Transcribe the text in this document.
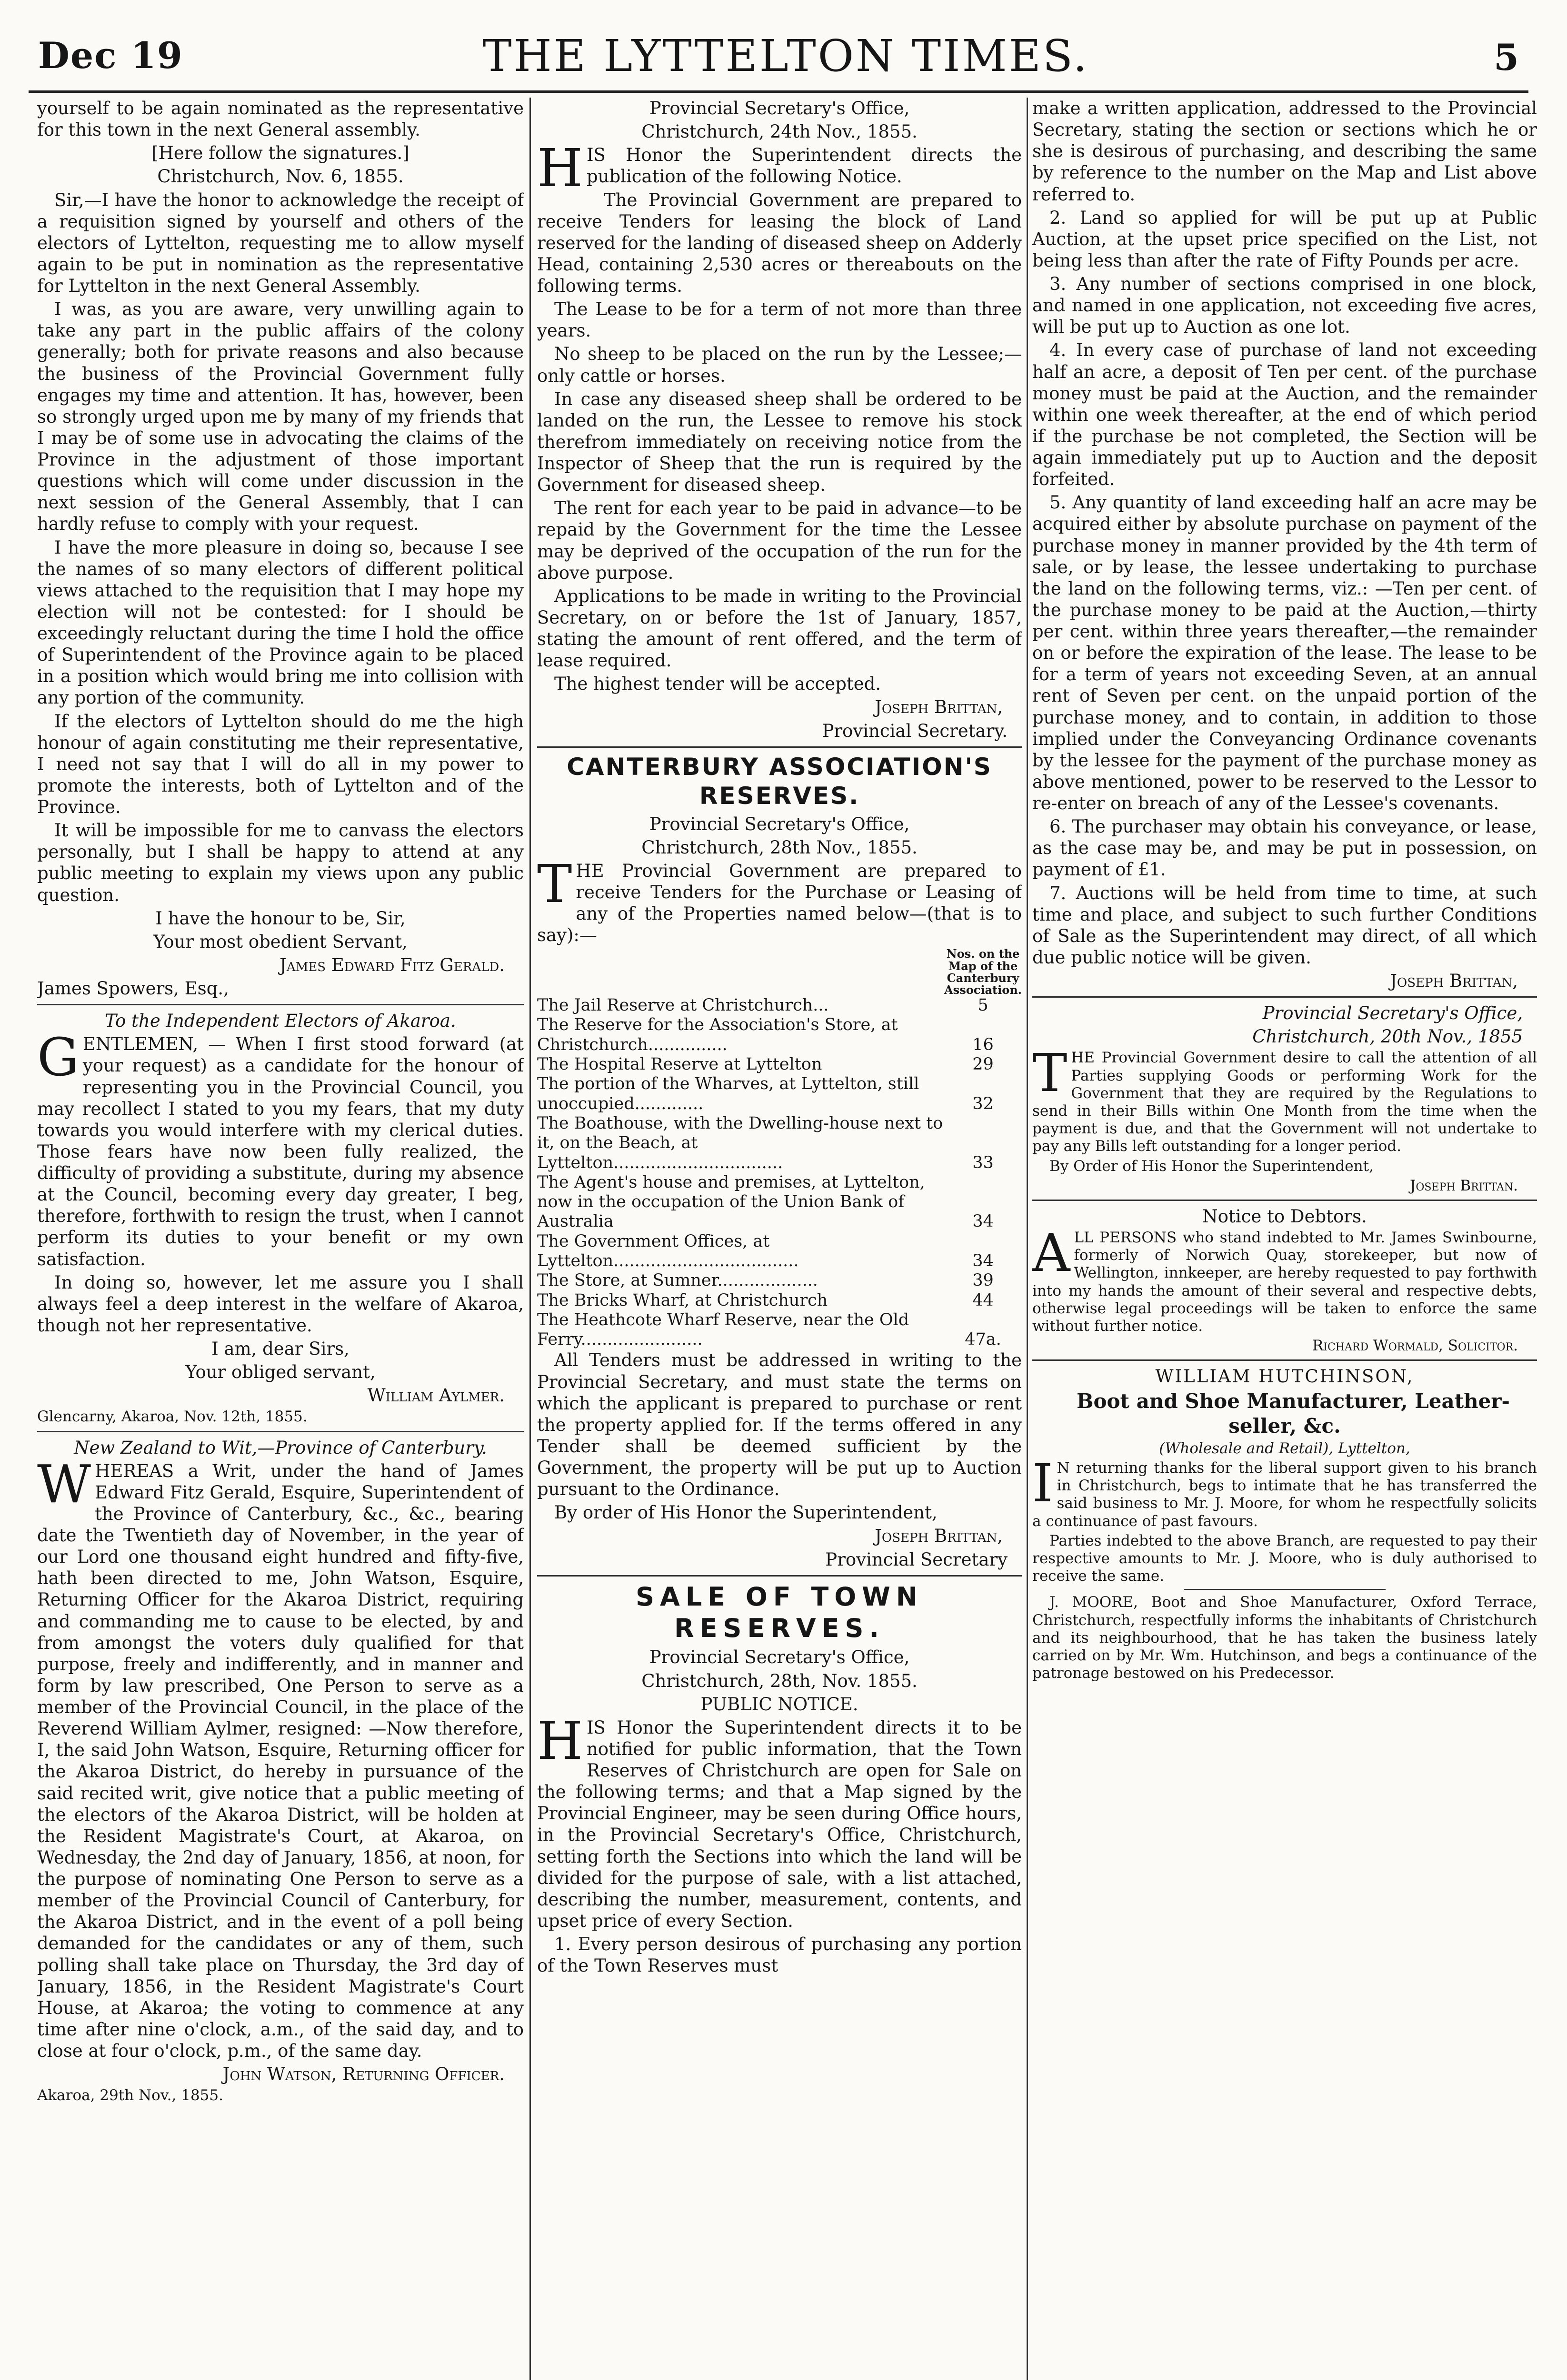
Dec 19	THE LYTTELTON TIMES.	5

yourself to be again nominated as the representative for this town in the next General assembly.

[Here follow the signatures.]

Christchurch, Nov. 6, 1855.

Sir,—I have the honor to acknowledge the receipt of a requisition signed by yourself and others of the electors of Lyttelton, requesting me to allow myself again to be put in nomination as the representative for Lyttelton in the next General Assembly.

I was, as you are aware, very unwilling again to take any part in the public affairs of the colony generally; both for private reasons and also because the business of the Provincial Government fully engages my time and attention. It has, however, been so strongly urged upon me by many of my friends that I may be of some use in advocating the claims of the Province in the adjustment of those important questions which will come under discussion in the next session of the General Assembly, that I can hardly refuse to comply with your request.

I have the more pleasure in doing so, because I see the names of so many electors of different political views attached to the requisition that I may hope my election will not be contested: for I should be exceedingly reluctant during the time I hold the office of Superintendent of the Province again to be placed in a position which would bring me into collision with any portion of the community.

If the electors of Lyttelton should do me the high honour of again constituting me their representative, I need not say that I will do all in my power to promote the interests, both of Lyttelton and of the Province.

It will be impossible for me to canvass the electors personally, but I shall be happy to attend at any public meeting to explain my views upon any public question.

I have the honour to be, Sir,

Your most obedient Servant,

James Edward Fitz Gerald.

James Spowers, Esq.,

To the Independent Electors of Akaroa.

GENTLEMEN, — When I first stood forward (at your request) as a candidate for the honour of representing you in the Provincial Council, you may recollect I stated to you my fears, that my duty towards you would interfere with my clerical duties. Those fears have now been fully realized, the difficulty of providing a substitute, during my absence at the Council, becoming every day greater, I beg, therefore, forthwith to resign the trust, when I cannot perform its duties to your benefit or my own satisfaction.

In doing so, however, let me assure you I shall always feel a deep interest in the welfare of Akaroa, though not her representative.

I am, dear Sirs,

Your obliged servant,

William Aylmer.

Glencarny, Akaroa, Nov. 12th, 1855.

New Zealand to Wit,—Province of Canterbury.

WHEREAS a Writ, under the hand of James Edward Fitz Gerald, Esquire, Superintendent of the Province of Canterbury, &c., &c., bearing date the Twentieth day of November, in the year of our Lord one thousand eight hundred and fifty-five, hath been directed to me, John Watson, Esquire, Returning Officer for the Akaroa District, requiring and commanding me to cause to be elected, by and from amongst the voters duly qualified for that purpose, freely and indifferently, and in manner and form by law prescribed, One Person to serve as a member of the Provincial Council, in the place of the Reverend William Aylmer, resigned: —Now therefore, I, the said John Watson, Esquire, Returning officer for the Akaroa District, do hereby in pursuance of the said recited writ, give notice that a public meeting of the electors of the Akaroa District, will be holden at the Resident Magistrate's Court, at Akaroa, on Wednesday, the 2nd day of January, 1856, at noon, for the purpose of nominating One Person to serve as a member of the Provincial Council of Canterbury, for the Akaroa District, and in the event of a poll being demanded for the candidates or any of them, such polling shall take place on Thursday, the 3rd day of January, 1856, in the Resident Magistrate's Court House, at Akaroa; the voting to commence at any time after nine o'clock, a.m., of the said day, and to close at four o'clock, p.m., of the same day.

John Watson, Returning Officer.

Akaroa, 29th Nov., 1855.

Provincial Secretary's Office,

Christchurch, 24th Nov., 1855.

HIS Honor the Superintendent directs the publication of the following Notice.

The Provincial Government are prepared to receive Tenders for leasing the block of Land reserved for the landing of diseased sheep on Adderly Head, containing 2,530 acres or thereabouts on the following terms.

The Lease to be for a term of not more than three years.

No sheep to be placed on the run by the Lessee;—only cattle or horses.

In case any diseased sheep shall be ordered to be landed on the run, the Lessee to remove his stock therefrom immediately on receiving notice from the Inspector of Sheep that the run is required by the Government for diseased sheep.

The rent for each year to be paid in advance—to be repaid by the Government for the time the Lessee may be deprived of the occupation of the run for the above purpose.

Applications to be made in writing to the Provincial Secretary, on or before the 1st of January, 1857, stating the amount of rent offered, and the term of lease required.

The highest tender will be accepted.

Joseph Brittan,

Provincial Secretary.

CANTERBURY ASSOCIATION'S RESERVES.

Provincial Secretary's Office,

Christchurch, 28th Nov., 1855.

THE Provincial Government are prepared to receive Tenders for the Purchase or Leasing of any of the Properties named below—(that is to say):—

	Nos. on the Map of the Canterbury Association.
The Jail Reserve at Christchurch...	5
The Reserve for the Association's Store, at Christchurch...............	16
The Hospital Reserve at Lyttelton	29
The portion of the Wharves, at Lyttelton, still unoccupied.............	32
The Boathouse, with the Dwelling-house next to it, on the Beach, at Lyttelton................................	33
The Agent's house and premises, at Lyttelton, now in the occupation of the Union Bank of Australia	34
The Government Offices, at Lyttelton...................................	34
The Store, at Sumner...................	39
The Bricks Wharf, at Christchurch	44
The Heathcote Wharf Reserve, near the Old Ferry.......................	47a.

All Tenders must be addressed in writing to the Provincial Secretary, and must state the terms on which the applicant is prepared to purchase or rent the property applied for. If the terms offered in any Tender shall be deemed sufficient by the Government, the property will be put up to Auction pursuant to the Ordinance.

By order of His Honor the Superintendent,

Joseph Brittan,

Provincial Secretary

SALE OF TOWN RESERVES.

Provincial Secretary's Office,

Christchurch, 28th, Nov. 1855.

PUBLIC NOTICE.

HIS Honor the Superintendent directs it to be notified for public information, that the Town Reserves of Christchurch are open for Sale on the following terms; and that a Map signed by the Provincial Engineer, may be seen during Office hours, in the Provincial Secretary's Office, Christchurch, setting forth the Sections into which the land will be divided for the purpose of sale, with a list attached, describing the number, measurement, contents, and upset price of every Section.

1. Every person desirous of purchasing any portion of the Town Reserves must

make a written application, addressed to the Provincial Secretary, stating the section or sections which he or she is desirous of purchasing, and describing the same by reference to the number on the Map and List above referred to.

2. Land so applied for will be put up at Public Auction, at the upset price specified on the List, not being less than after the rate of Fifty Pounds per acre.

3. Any number of sections comprised in one block, and named in one application, not exceeding five acres, will be put up to Auction as one lot.

4. In every case of purchase of land not exceeding half an acre, a deposit of Ten per cent. of the purchase money must be paid at the Auction, and the remainder within one week thereafter, at the end of which period if the purchase be not completed, the Section will be again immediately put up to Auction and the deposit forfeited.

5. Any quantity of land exceeding half an acre may be acquired either by absolute purchase on payment of the purchase money in manner provided by the 4th term of sale, or by lease, the lessee undertaking to purchase the land on the following terms, viz.: —Ten per cent. of the purchase money to be paid at the Auction,—thirty per cent. within three years thereafter,—the remainder on or before the expiration of the lease. The lease to be for a term of years not exceeding Seven, at an annual rent of Seven per cent. on the unpaid portion of the purchase money, and to contain, in addition to those implied under the Conveyancing Ordinance covenants by the lessee for the payment of the purchase money as above mentioned, power to be reserved to the Lessor to re-enter on breach of any of the Lessee's covenants.

6. The purchaser may obtain his conveyance, or lease, as the case may be, and may be put in possession, on payment of £1.

7. Auctions will be held from time to time, at such time and place, and subject to such further Conditions of Sale as the Superintendent may direct, of all which due public notice will be given.

Joseph Brittan,

Provincial Secretary's Office,

Christchurch, 20th Nov., 1855

THE Provincial Government desire to call the attention of all Parties supplying Goods or performing Work for the Government that they are required by the Regulations to send in their Bills within One Month from the time when the payment is due, and that the Government will not undertake to pay any Bills left outstanding for a longer period.

By Order of His Honor the Superintendent,

Joseph Brittan.

Notice to Debtors.

ALL PERSONS who stand indebted to Mr. James Swinbourne, formerly of Norwich Quay, storekeeper, but now of Wellington, innkeeper, are hereby requested to pay forthwith into my hands the amount of their several and respective debts, otherwise legal proceedings will be taken to enforce the same without further notice.

Richard Wormald, Solicitor.

WILLIAM HUTCHINSON,

Boot and Shoe Manufacturer, Leather-seller, &c.

(Wholesale and Retail), Lyttelton,

I N returning thanks for the liberal support given to his branch in Christchurch, begs to intimate that he has transferred the said business to Mr. J. Moore, for whom he respectfully solicits a continuance of past favours.

Parties indebted to the above Branch, are requested to pay their respective amounts to Mr. J. Moore, who is duly authorised to receive the same.

J. MOORE, Boot and Shoe Manufacturer, Oxford Terrace, Christchurch, respectfully informs the inhabitants of Christchurch and its neighbourhood, that he has taken the business lately carried on by Mr. Wm. Hutchinson, and begs a continuance of the patronage bestowed on his Predecessor.
